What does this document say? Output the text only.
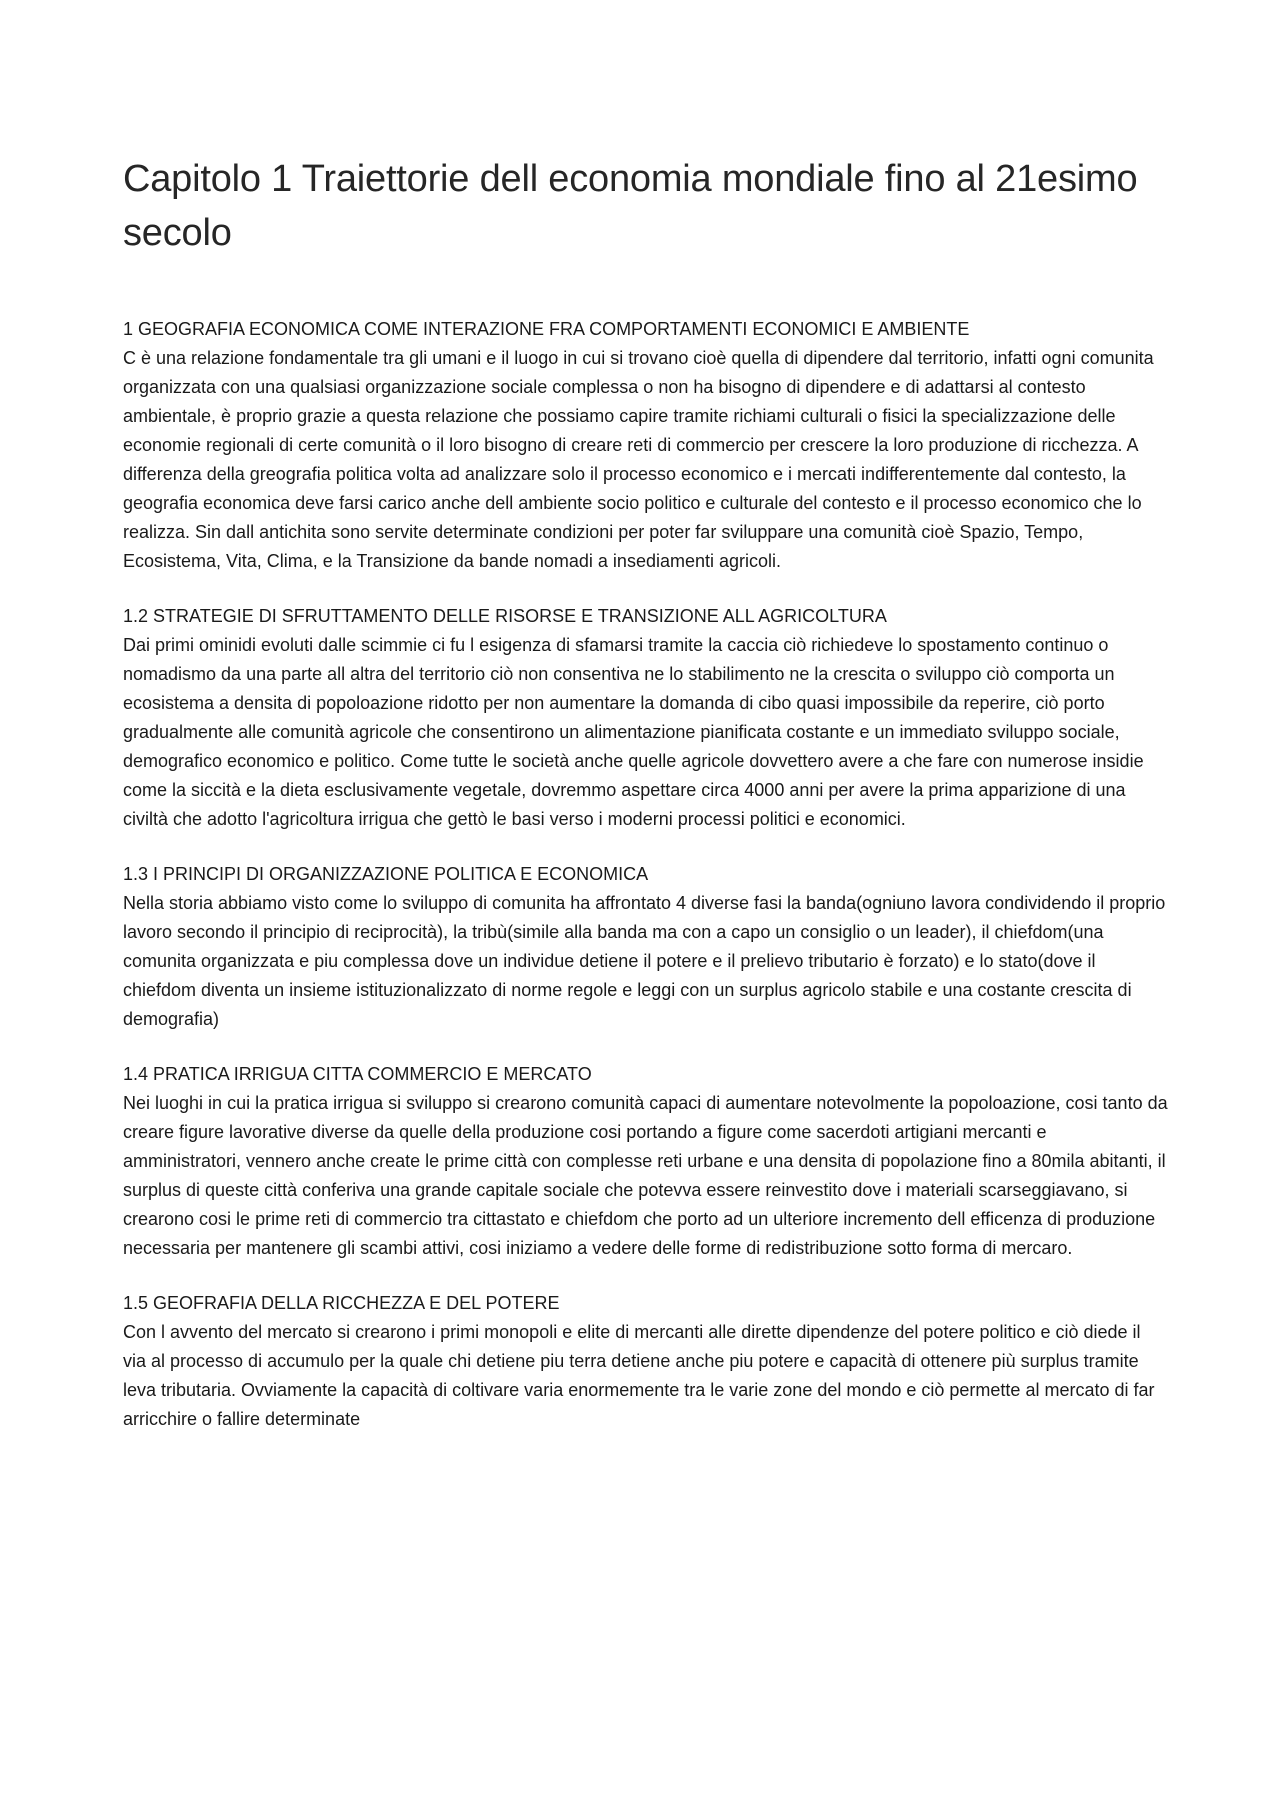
Capitolo 1 Traiettorie dell economia mondiale fino al 21esimo secolo

1 GEOGRAFIA ECONOMICA COME INTERAZIONE FRA COMPORTAMENTI ECONOMICI E AMBIENTE

C è una relazione fondamentale tra gli umani e il luogo in cui si trovano cioè quella di dipendere dal territorio, infatti ogni comunita organizzata con una qualsiasi organizzazione sociale complessa o non ha bisogno di dipendere e di adattarsi al contesto ambientale, è proprio grazie a questa relazione che possiamo capire tramite richiami culturali o fisici la specializzazione delle economie regionali di certe comunità o il loro bisogno di creare reti di commercio per crescere la loro produzione di ricchezza. A differenza della greografia politica volta ad analizzare solo il processo economico e i mercati indifferentemente dal contesto, la geografia economica deve farsi carico anche dell ambiente socio politico e culturale del contesto e il processo economico che lo realizza. Sin dall antichita sono servite determinate condizioni per poter far sviluppare una comunità cioè Spazio, Tempo, Ecosistema, Vita, Clima, e la Transizione da bande nomadi a insediamenti agricoli.

1.2 STRATEGIE DI SFRUTTAMENTO DELLE RISORSE E TRANSIZIONE ALL AGRICOLTURA

Dai primi ominidi evoluti dalle scimmie ci fu l esigenza di sfamarsi tramite la caccia ciò richiedeve lo spostamento continuo o nomadismo da una parte all altra del territorio ciò non consentiva ne lo stabilimento ne la crescita o sviluppo ciò comporta un ecosistema a densita di popoloazione ridotto per non aumentare la domanda di cibo quasi impossibile da reperire, ciò porto gradualmente alle comunità agricole che consentirono un alimentazione pianificata costante e un immediato sviluppo sociale, demografico economico e politico. Come tutte le società anche quelle agricole dovvettero avere a che fare con numerose insidie come la siccità e la dieta esclusivamente vegetale, dovremmo aspettare circa 4000 anni per avere la prima apparizione di una civiltà che adotto l'agricoltura irrigua che gettò le basi verso i moderni processi politici e economici.

1.3 I PRINCIPI DI ORGANIZZAZIONE POLITICA E ECONOMICA

Nella storia abbiamo visto come lo sviluppo di comunita ha affrontato 4 diverse fasi la banda(ogniuno lavora condividendo il proprio lavoro secondo il principio di reciprocità), la tribù(simile alla banda ma con a capo un consiglio o un leader), il chiefdom(una comunita organizzata e piu complessa dove un individue detiene il potere e il prelievo tributario è forzato) e lo stato(dove il chiefdom diventa un insieme istituzionalizzato di norme regole e leggi con un surplus agricolo stabile e una costante crescita di demografia)

1.4 PRATICA IRRIGUA CITTA COMMERCIO E MERCATO

Nei luoghi in cui la pratica irrigua si sviluppo si crearono comunità capaci di aumentare notevolmente la popoloazione, cosi tanto da creare figure lavorative diverse da quelle della produzione cosi portando a figure come sacerdoti artigiani mercanti e amministratori, vennero anche create le prime città con complesse reti urbane e una densita di popolazione fino a 80mila abitanti, il surplus di queste città conferiva una grande capitale sociale che potevva essere reinvestito dove i materiali scarseggiavano, si crearono cosi le prime reti di commercio tra cittastato e chiefdom che porto ad un ulteriore incremento dell efficenza di produzione necessaria per mantenere gli scambi attivi, cosi iniziamo a vedere delle forme di redistribuzione sotto forma di mercaro.

1.5 GEOFRAFIA DELLA RICCHEZZA E DEL POTERE

Con l avvento del mercato si crearono i primi monopoli e elite di mercanti alle dirette dipendenze del potere politico e ciò diede il via al processo di accumulo per la quale chi detiene piu terra detiene anche piu potere e capacità di ottenere più surplus tramite leva tributaria. Ovviamente la capacità di coltivare varia enormemente tra le varie zone del mondo e ciò permette al mercato di far arricchire o fallire determinate
